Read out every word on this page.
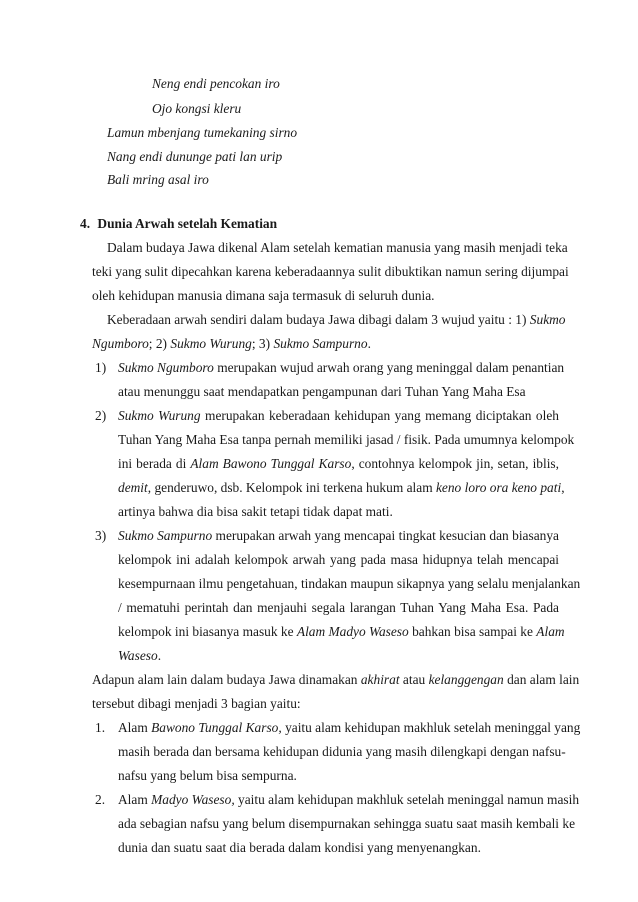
Neng endi pencokan iro
Ojo kongsi kleru
Lamun mbenjang tumekaning sirno
Nang endi dunungе pati lan urip
Bali mring asal iro
4. Dunia Arwah setelah Kematian
Dalam budaya Jawa dikenal Alam setelah kematian manusia yang masih menjadi teka
teki yang sulit dipecahkan karena keberadaannya sulit dibuktikan namun sering dijumpai
oleh kehidupan manusia dimana saja termasuk di seluruh dunia.
Keberadaan arwah sendiri dalam budaya Jawa dibagi dalam 3 wujud yaitu : 1) Sukmo
Ngumboro; 2) Sukmo Wurung; 3) Sukmo Sampurno.
1) Sukmo Ngumboro merupakan wujud arwah orang yang meninggal dalam penantian
atau menunggu saat mendapatkan pengampunan dari Tuhan Yang Maha Esa
2) Sukmo Wurung merupakan keberadaan kehidupan yang memang diciptakan oleh
Tuhan Yang Maha Esa tanpa pernah memiliki jasad / fisik. Pada umumnya kelompok
ini berada di Alam Bawono Tunggal Karso, contohnya kelompok jin, setan, iblis,
demit, genderuwo, dsb. Kelompok ini terkena hukum alam keno loro ora keno pati,
artinya bahwa dia bisa sakit tetapi tidak dapat mati.
3) Sukmo Sampurno merupakan arwah yang mencapai tingkat kesucian dan biasanya
kelompok ini adalah kelompok arwah yang pada masa hidupnya telah mencapai
kesempurnaan ilmu pengetahuan, tindakan maupun sikapnya yang selalu menjalankan
/ mematuhi perintah dan menjauhi segala larangan Tuhan Yang Maha Esa. Pada
kelompok ini biasanya masuk ke Alam Madyo Waseso bahkan bisa sampai ke Alam
Waseso.
Adapun alam lain dalam budaya Jawa dinamakan akhirat atau kelanggengan dan alam lain
tersebut dibagi menjadi 3 bagian yaitu:
1. Alam Bawono Tunggal Karso, yaitu alam kehidupan makhluk setelah meninggal yang
masih berada dan bersama kehidupan didunia yang masih dilengkapi dengan nafsu-
nafsu yang belum bisa sempurna.
2. Alam Madyo Waseso, yaitu alam kehidupan makhluk setelah meninggal namun masih
ada sebagian nafsu yang belum disempurnakan sehingga suatu saat masih kembali ke
dunia dan suatu saat dia berada dalam kondisi yang menyenangkan.
